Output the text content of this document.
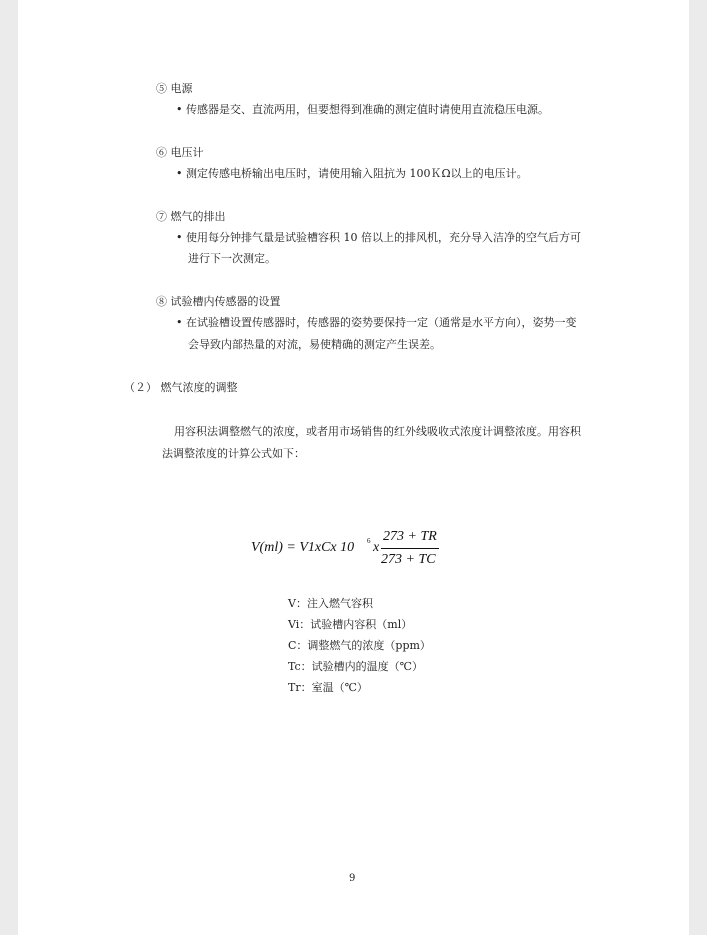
⑤ 电源
• 传感器是交、直流两用，但要想得到准确的测定值时请使用直流稳压电源。
⑥ 电压计
• 测定传感电桥输出电压时，请使用输入阻抗为 100ＫΩ以上的电压计。
⑦ 燃气的排出
• 使用每分钟排气量是试验槽容积 10 倍以上的排风机，充分导入洁净的空气后方可
进行下一次测定。
⑧ 试验槽内传感器的设置
• 在试验槽设置传感器时，传感器的姿势要保持一定（通常是水平方向），姿势一变
会导致内部热量的对流，易使精确的测定产生误差。
（２） 燃气浓度的调整
用容积法调整燃气的浓度，或者用市场销售的红外线吸收式浓度计调整浓度。用容积
法调整浓度的计算公式如下：
V(ml) = V1xCx 10 6 x
273 + TR
273 + TC
V：注入燃气容积
Vi：试验槽内容积（ml）
C：调整燃气的浓度（ppm）
Tc：试验槽内的温度（℃）
Tr：室温（℃）
9
